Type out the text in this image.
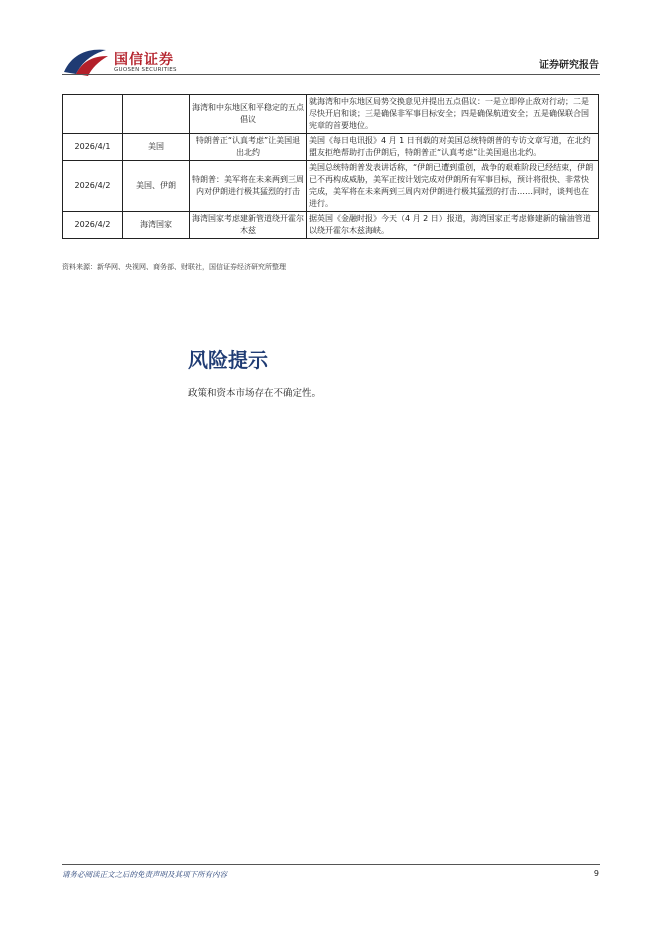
国信证券
GUOSEN SECURITIES	证券研究报告
		海湾和中东地区和平稳定的五点倡议	就海湾和中东地区局势交换意见并提出五点倡议：一是立即停止敌对行动；二是尽快开启和谈；三是确保非军事目标安全；四是确保航道安全；五是确保联合国宪章的首要地位。
2026/4/1	美国	特朗普正“认真考虑”让美国退出北约	美国《每日电讯报》4 月 1 日刊载的对美国总统特朗普的专访文章写道，在北约盟友拒绝帮助打击伊朗后，特朗普正“认真考虑”让美国退出北约。
2026/4/2	美国、伊朗	特朗普：美军将在未来两到三周内对伊朗进行极其猛烈的打击	美国总统特朗普发表讲话称，“伊朗已遭到重创，战争的艰难阶段已经结束，伊朗已不再构成威胁，美军正按计划完成对伊朗所有军事目标，预计将很快、非常快完成，美军将在未来两到三周内对伊朗进行极其猛烈的打击……同时，谈判也在进行。
2026/4/2	海湾国家	海湾国家考虑建新管道绕开霍尔木兹	据英国《金融时报》今天（4 月 2 日）报道，海湾国家正考虑修建新的输油管道以绕开霍尔木兹海峡。
资料来源：新华网、央视网、商务部、财联社，国信证券经济研究所整理
风险提示
政策和资本市场存在不确定性。
请务必阅读正文之后的免责声明及其项下所有内容	9
